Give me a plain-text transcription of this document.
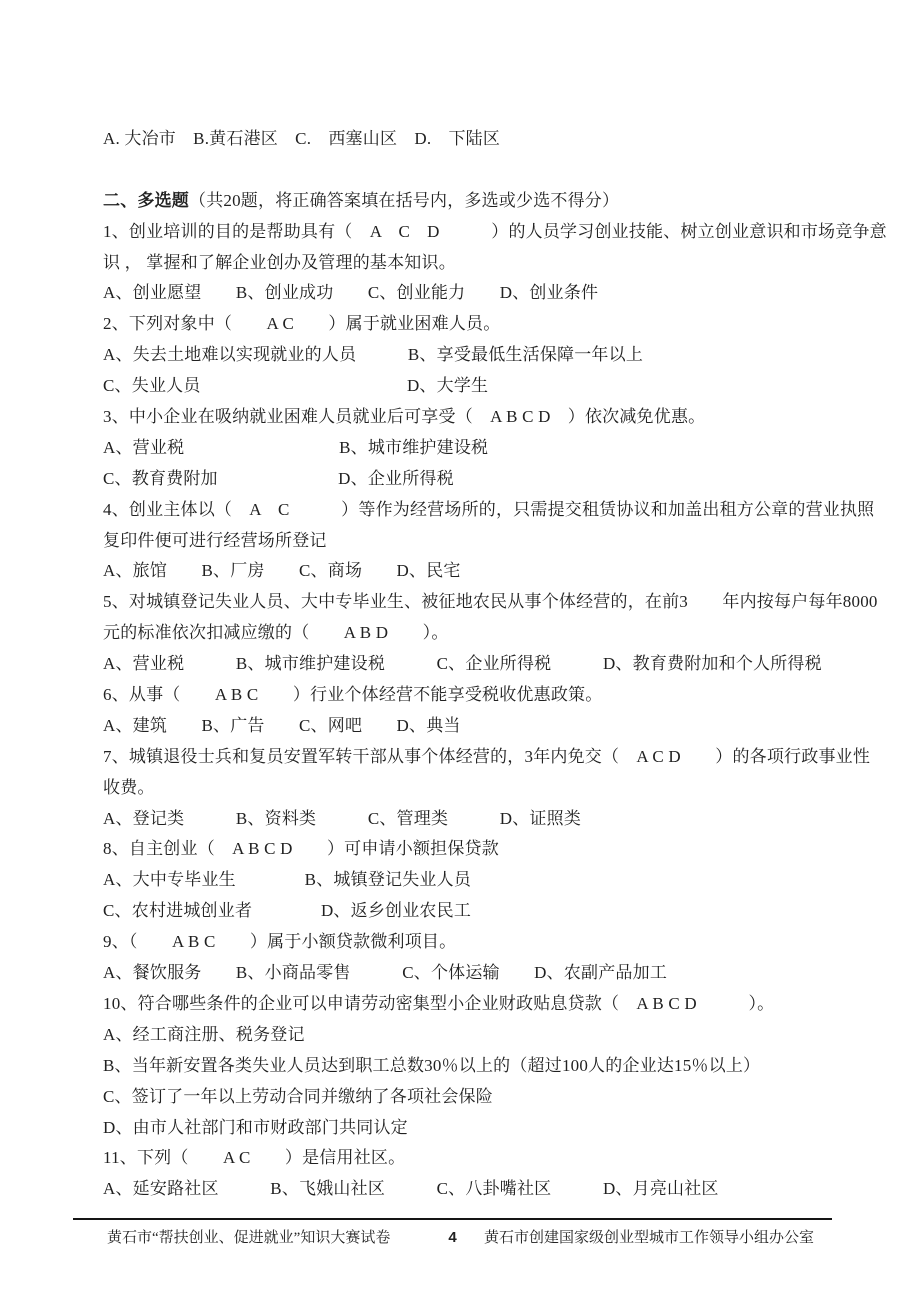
A. 大冶市　B.黄石港区　C.　西塞山区　D.　下陆区
二、多选题（共20题，将正确答案填在括号内，多选或少选不得分）
1、创业培训的目的是帮助具有（　A　C　D　　　）的人员学习创业技能、树立创业意识和市场竞争意
识 ， 掌握和了解企业创办及管理的基本知识。
A、创业愿望　　B、创业成功　　C、创业能力　　D、创业条件
2、下列对象中（　　A C　　）属于就业困难人员。
A、失去土地难以实现就业的人员　　　B、享受最低生活保障一年以上
C、失业人员　　　　　　　　　　　　D、大学生
3、中小企业在吸纳就业困难人员就业后可享受（　A B C D　）依次减免优惠。
A、营业税　　　　　　　　　B、城市维护建设税
C、教育费附加　　　　　　　D、企业所得税
4、创业主体以（　A　C　　　）等作为经营场所的，只需提交租赁协议和加盖出租方公章的营业执照
复印件便可进行经营场所登记
A、旅馆　　B、厂房　　C、商场　　D、民宅
5、对城镇登记失业人员、大中专毕业生、被征地农民从事个体经营的，在前3　　年内按每户每年8000
元的标准依次扣减应缴的（　　A B D　　）。
A、营业税　　　B、城市维护建设税　　　C、企业所得税　　　D、教育费附加和个人所得税
6、从事（　　A B C　　）行业个体经营不能享受税收优惠政策。
A、建筑　　B、广告　　C、网吧　　D、典当
7、城镇退役士兵和复员安置军转干部从事个体经营的，3年内免交（　A C D　　）的各项行政事业性
收费。
A、登记类　　　B、资料类　　　C、管理类　　　D、证照类
8、自主创业（　A B C D　　）可申请小额担保贷款
A、大中专毕业生　　　　B、城镇登记失业人员
C、农村进城创业者　　　　D、返乡创业农民工
9、（　　A B C　　）属于小额贷款微利项目。
A、餐饮服务　　B、小商品零售　　　C、个体运输　　D、农副产品加工
10、符合哪些条件的企业可以申请劳动密集型小企业财政贴息贷款（　A B C D　　　）。
A、经工商注册、税务登记
B、当年新安置各类失业人员达到职工总数30％以上的（超过100人的企业达15％以上）
C、签订了一年以上劳动合同并缴纳了各项社会保险
D、由市人社部门和市财政部门共同认定
11、下列（　　A C　　）是信用社区。
A、延安路社区　　　B、飞娥山社区　　　C、八卦嘴社区　　　D、月亮山社区
黄石市“帮扶创业、促进就业”知识大赛试卷	4 黄石市创建国家级创业型城市工作领导小组办公室
